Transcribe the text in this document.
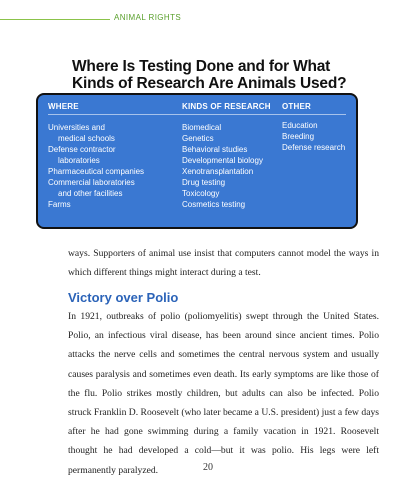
ANIMAL RIGHTS
Where Is Testing Done and for What Kinds of Research Are Animals Used?
WHERE	KINDS OF RESEARCH OTHER
Universities and
medical schools
Defense contractor
laboratories
Pharmaceutical companies
Commercial laboratories
and other facilities
Farms
Biomedical
Genetics
Behavioral studies
Developmental biology
Xenotransplantation
Drug testing
Toxicology
Cosmetics testing
Education
Breeding
Defense research
ways. Supporters of animal use insist that computers cannot model the ways in which different things might interact during a test.
Victory over Polio
In 1921, outbreaks of polio (poliomyelitis) swept through the United States. Polio, an infectious viral disease, has been around since ancient times. Polio attacks the nerve cells and sometimes the central nervous system and usually causes paralysis and sometimes even death. Its early symptoms are like those of the flu. Polio strikes mostly children, but adults can also be infected. Polio struck Franklin D. Roosevelt (who later became a U.S. president) just a few days after he had gone swimming during a family vacation in 1921. Roosevelt thought he had developed a cold—but it was polio. His legs were left permanently paralyzed.	20
